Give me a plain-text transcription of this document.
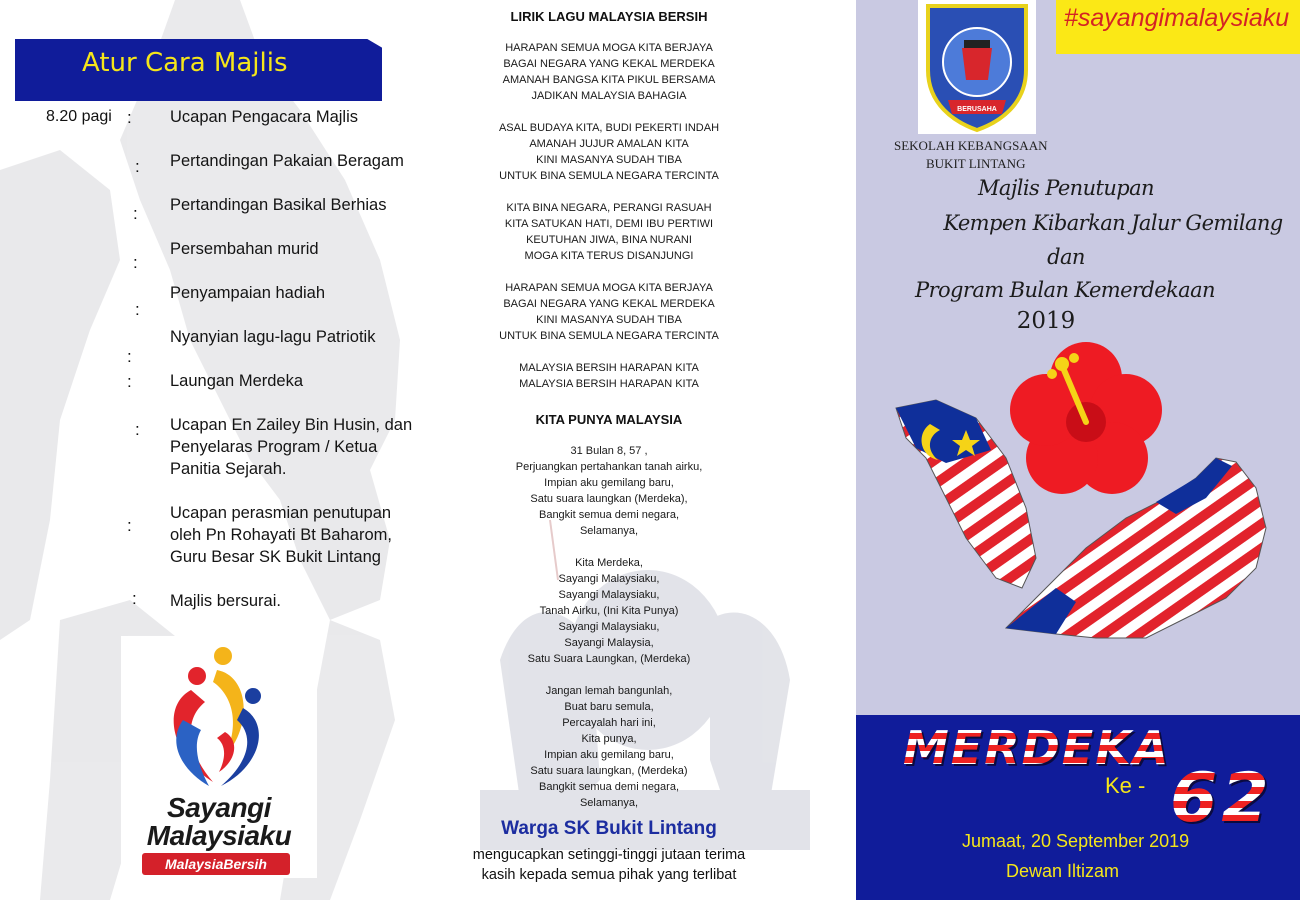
Atur Cara Majlis
8.20 pagi :
:
:
:
:
:
:
:
:
:
Ucapan Pengacara Majlis
Pertandingan Pakaian Beragam
Pertandingan Basikal Berhias
Persembahan murid
Penyampaian hadiah
Nyanyian lagu-lagu Patriotik
Laungan Merdeka
Ucapan En Zailey Bin Husin, dan
Penyelaras Program / Ketua
Panitia Sejarah.
Ucapan perasmian penutupan
oleh Pn Rohayati Bt Baharom,
Guru Besar SK Bukit Lintang
Majlis bersurai.
Sayangi
Malaysiaku
MalaysiaBersih
LIRIK LAGU MALAYSIA BERSIH
HARAPAN SEMUA MOGA KITA BERJAYA
BAGAI NEGARA YANG KEKAL MERDEKA
AMANAH BANGSA KITA PIKUL BERSAMA
JADIKAN MALAYSIA BAHAGIA
ASAL BUDAYA KITA, BUDI PEKERTI INDAH
AMANAH JUJUR AMALAN KITA
KINI MASANYA SUDAH TIBA
UNTUK BINA SEMULA NEGARA TERCINTA
KITA BINA NEGARA, PERANGI RASUAH
KITA SATUKAN HATI, DEMI IBU PERTIWI
KEUTUHAN JIWA, BINA NURANI
MOGA KITA TERUS DISANJUNGI
HARAPAN SEMUA MOGA KITA BERJAYA
BAGAI NEGARA YANG KEKAL MERDEKA
KINI MASANYA SUDAH TIBA
UNTUK BINA SEMULA NEGARA TERCINTA
MALAYSIA BERSIH HARAPAN KITA
MALAYSIA BERSIH HARAPAN KITA
KITA PUNYA MALAYSIA
31 Bulan 8, 57 ,
Perjuangkan pertahankan tanah airku,
Impian aku gemilang baru,
Satu suara laungkan (Merdeka),
Bangkit semua demi negara,
Selamanya,
Kita Merdeka,
Sayangi Malaysiaku,
Sayangi Malaysiaku,
Tanah Airku, (Ini Kita Punya)
Sayangi Malaysiaku,
Sayangi Malaysia,
Satu Suara Laungkan, (Merdeka)
Jangan lemah bangunlah,
Buat baru semula,
Percayalah hari ini,
Kita punya,
Impian aku gemilang baru,
Satu suara laungkan, (Merdeka)
Bangkit semua demi negara,
Selamanya,
Warga SK Bukit Lintang
mengucapkan setinggi-tinggi jutaan terima
kasih kepada semua pihak yang terlibat
BERUSAHA
#sayangimalaysiaku
SEKOLAH KEBANGSAAN
BUKIT LINTANG
Majlis Penutupan
Kempen Kibarkan Jalur Gemilang
dan
Program Bulan Kemerdekaan
2019
MERDEKA
Ke - 62
Jumaat, 20 September 2019
Dewan Iltizam
